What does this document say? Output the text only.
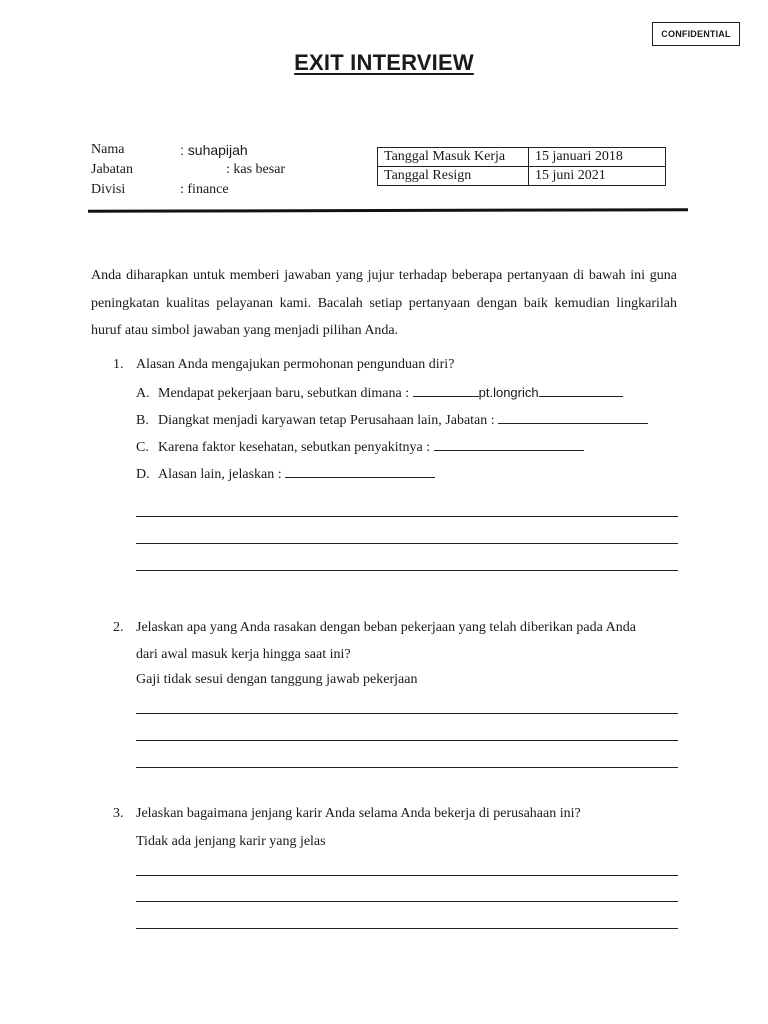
CONFIDENTIAL
EXIT INTERVIEW
Nama	: suhapijah
Jabatan	: kas besar
Divisi	: finance
Tanggal Masuk Kerja	15 januari 2018
Tanggal Resign	15 juni 2021

Anda diharapkan untuk memberi jawaban yang jujur terhadap beberapa pertanyaan di bawah ini guna peningkatan kualitas pelayanan kami. Bacalah setiap pertanyaan dengan baik kemudian lingkarilah huruf atau simbol jawaban yang menjadi pilihan Anda.

1. Alasan Anda mengajukan permohonan pengunduan diri?
A. Mendapat pekerjaan baru, sebutkan dimana :	pt.longrich
B. Diangkat menjadi karyawan tetap Perusahaan lain, Jabatan :
C. Karena faktor kesehatan, sebutkan penyakitnya :
D. Alasan lain, jelaskan :
2. Jelaskan apa yang Anda rasakan dengan beban pekerjaan yang telah diberikan pada Anda
dari awal masuk kerja hingga saat ini?
Gaji tidak sesui dengan tanggung jawab pekerjaan
3. Jelaskan bagaimana jenjang karir Anda selama Anda bekerja di perusahaan ini?
Tidak ada jenjang karir yang jelas
